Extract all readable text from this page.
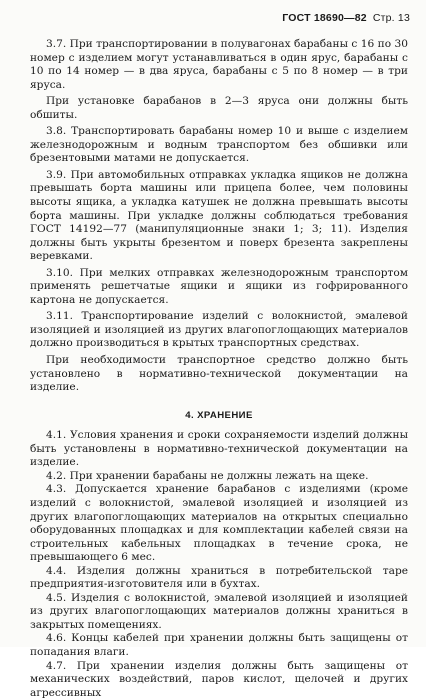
ГОСТ 18690—82 Стр. 13

3.7. При транспортировании в полувагонах барабаны с 16 по 30 номер с изделием могут устанавливаться в один ярус, барабаны с 10 по 14 номер — в два яруса, барабаны с 5 по 8 номер — в три яруса.

При установке барабанов в 2—3 яруса они должны быть обшиты.

3.8. Транспортировать барабаны номер 10 и выше с изделием железнодорожным и водным транспортом без обшивки или брезентовыми матами не допускается.

3.9. При автомобильных отправках укладка ящиков не должна превышать борта машины или прицепа более, чем половины высоты ящика, а укладка катушек не должна превышать высоты борта машины. При укладке должны соблюдаться требования ГОСТ 14192—77 (манипуляционные знаки 1; 3; 11). Изделия должны быть укрыты брезентом и поверх брезента закреплены веревками.

3.10. При мелких отправках железнодорожным транспортом применять решетчатые ящики и ящики из гофрированного картона не допускается.

3.11. Транспортирование изделий с волокнистой, эмалевой изоляцией и изоляцией из других влагопоглощающих материалов должно производиться в крытых транспортных средствах.

При необходимости транспортное средство должно быть установлено в нормативно-технической документации на изделие.

4. ХРАНЕНИЕ

4.1. Условия хранения и сроки сохраняемости изделий должны быть установлены в нормативно-технической документации на изделие.

4.2. При хранении барабаны не должны лежать на щеке.

4.3. Допускается хранение барабанов с изделиями (кроме изделий с волокнистой, эмалевой изоляцией и изоляцией из других влагопоглощающих материалов на открытых специально оборудованных площадках и для комплектации кабелей связи на строительных кабельных площадках в течение срока, не превышающего 6 мес.

4.4. Изделия должны храниться в потребительской таре предприятия-изготовителя или в бухтах.

4.5. Изделия с волокнистой, эмалевой изоляцией и изоляцией из других влагопоглощающих материалов должны храниться в закрытых помещениях.

4.6. Концы кабелей при хранении должны быть защищены от попадания влаги.

4.7. При хранении изделия должны быть защищены от механических воздействий, паров кислот, щелочей и других агрессивных
